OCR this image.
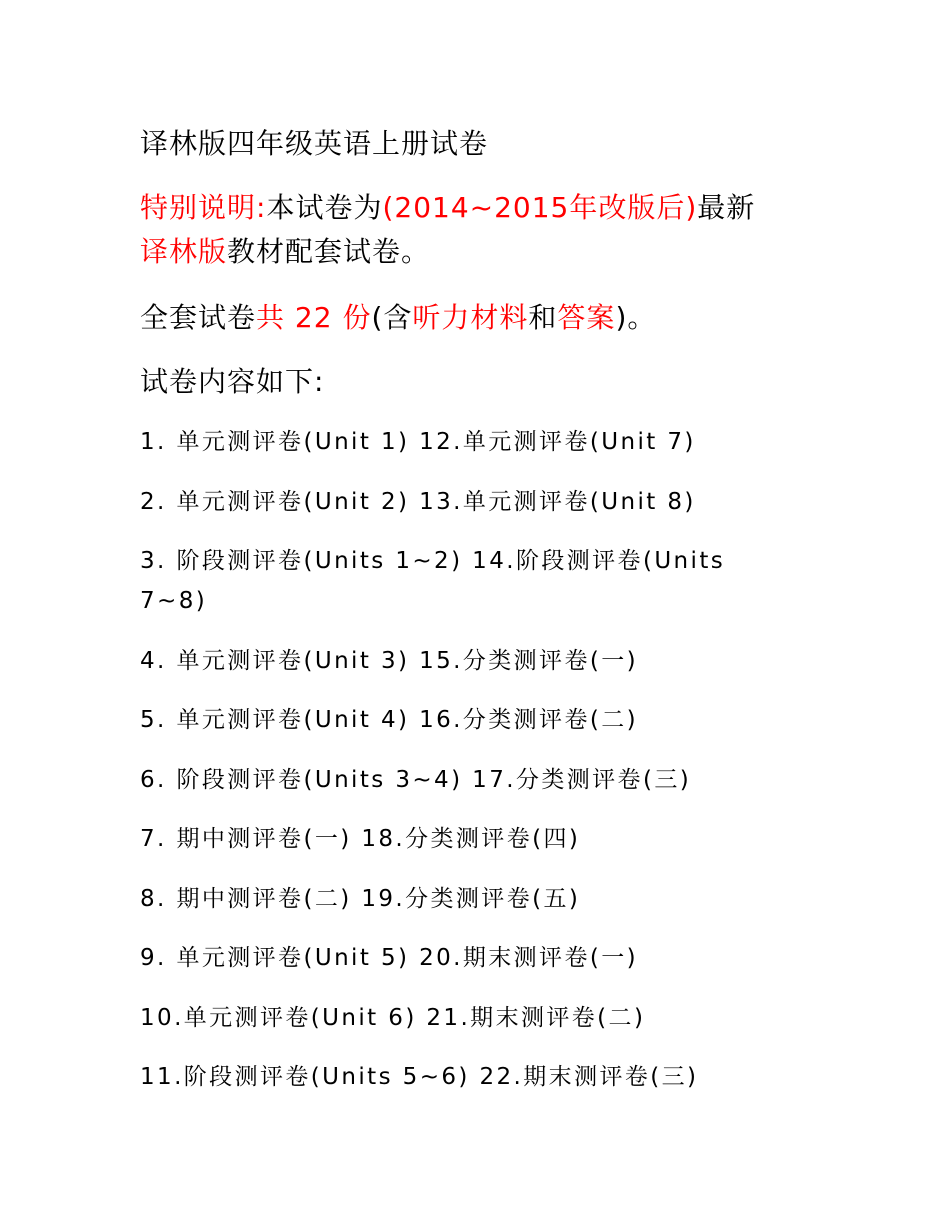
译林版四年级英语上册试卷
特别说明:本试卷为(2014~2015年改版后)最新
译林版教材配套试卷。
全套试卷共 22 份(含听力材料和答案)。
试卷内容如下:
1. 单元测评卷(Unit 1) 12.单元测评卷(Unit 7)
2. 单元测评卷(Unit 2) 13.单元测评卷(Unit 8)
3. 阶段测评卷(Units 1~2) 14.阶段测评卷(Units 7~8)
4. 单元测评卷(Unit 3) 15.分类测评卷(一)
5. 单元测评卷(Unit 4) 16.分类测评卷(二)
6. 阶段测评卷(Units 3~4) 17.分类测评卷(三)
7. 期中测评卷(一) 18.分类测评卷(四)
8. 期中测评卷(二) 19.分类测评卷(五)
9. 单元测评卷(Unit 5) 20.期末测评卷(一)
10.单元测评卷(Unit 6) 21.期末测评卷(二)
11.阶段测评卷(Units 5~6) 22.期末测评卷(三)
